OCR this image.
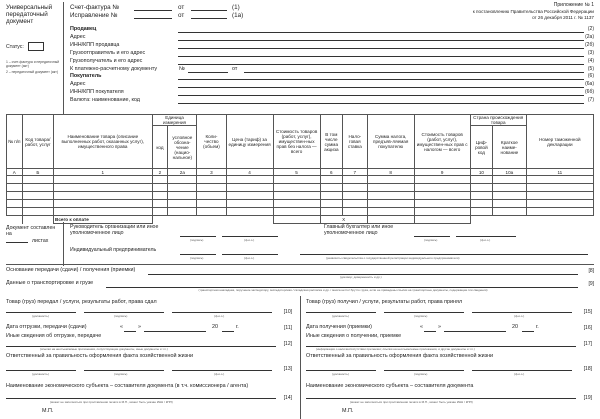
Универсальный передаточный документ
Статус:
1 – счет-фактура и передаточный документ (акт)
2 – передаточный документ (акт)
Счет-фактура №	от	(1)
Исправление №	от	(1а)
Приложение № 1
к постановлению Правительства Российской Федерации
от 26 декабря 2011 г. № 1137
Продавец	(2)
Адрес	(2а)
ИНН/КПП продавца	(2б)
Грузоотправитель и его адрес	(3)
Грузополучатель и его адрес	(4)
К платежно-расчетному документу	№	от	(5)
Покупатель	(6)
Адрес	(6а)
ИНН/КПП покупателя	(6б)
Валюта: наименование, код	(7)
№ п/п	Код товара/ работ, услуг	Наименование товара (описание выполненных работ, оказанных услуг), имущественного права	Единица измерения		Коли-чество (объем)	Цена (тариф) за единицу измерения	Стоимость товаров (работ, услуг), имуществен-ных прав без налога — всего	В том числе сумма акциза	Нало-говая ставка	Сумма налога, предъяв-ляемая покупателю	Стоимость товаров (работ, услуг), имуществен-ных прав с налогом — всего	Страна происхождения товара		Номер таможенной декларации
			код	условное обозна-чение (нацио-нальное)								Циф-ровой код	Краткое наиме-нование	
А	Б	1	2	2а	3	4	5	6	7	8	9	10	10а	11

		Всего к оплате						Х						
Документ составлен на
листах
Руководитель организации или иное уполномоченное лицо
(подпись)	(ф.и.о.)
Главный бухгалтер или иное уполномоченное лицо
(подпись)	(ф.и.о.)
Индивидуальный предприниматель
(подпись)	(ф.и.о.)	(реквизиты свидетельства о государственной регистрации индивидуального предпринимателя)
Основание передачи (сдачи) / получения (приемки)
(договор; доверенность и др.)
[8]
Данные о транспортировке и грузе
(транспортная накладная, поручение экспедитору, экспедиторская / складская расписка и др. / масса нетто/ брутто груза, если не приведены ссылки на транспортные документы, содержащие эти сведения)
[9]
Товар (груз) передал / услуги, результаты работ, права сдал
(должность)	(подпись)	(ф.и.о.)
[10]
Дата отгрузки, передачи (сдачи)	«	»	20	г.	[11]
Иные сведения об отгрузке, передаче
(ссылки на неотъемлемые приложения, сопутствующие документы, иные документы и т.п.)
[12]
Ответственный за правильность оформления факта хозяйственной жизни
(должность)	(подпись)	(ф.и.о.)
[13]
Наименование экономического субъекта – составителя документа (в т.ч. комиссионера / агента)
(может не заполняться при проставлении печати в М.П., может быть указан ИНН / КПП)
[14]
М.П.
Товар (груз) получил / услуги, результаты работ, права принял
(должность)	(подпись)	(ф.и.о.)
[15]
Дата получения (приемки)	«	»	20	г.	[16]
Иные сведения о получении, приемке
(информация о наличии/отсутствии претензии; ссылки на неотъемлемые приложения, и другие документы и т.п.)
[17]
Ответственный за правильность оформления факта хозяйственной жизни
(должность)	(подпись)	(ф.и.о.)
[18]
Наименование экономического субъекта – составителя документа
(может не заполняться при проставлении печати в М.П., может быть указан ИНН / КПП)
[19]
М.П.
